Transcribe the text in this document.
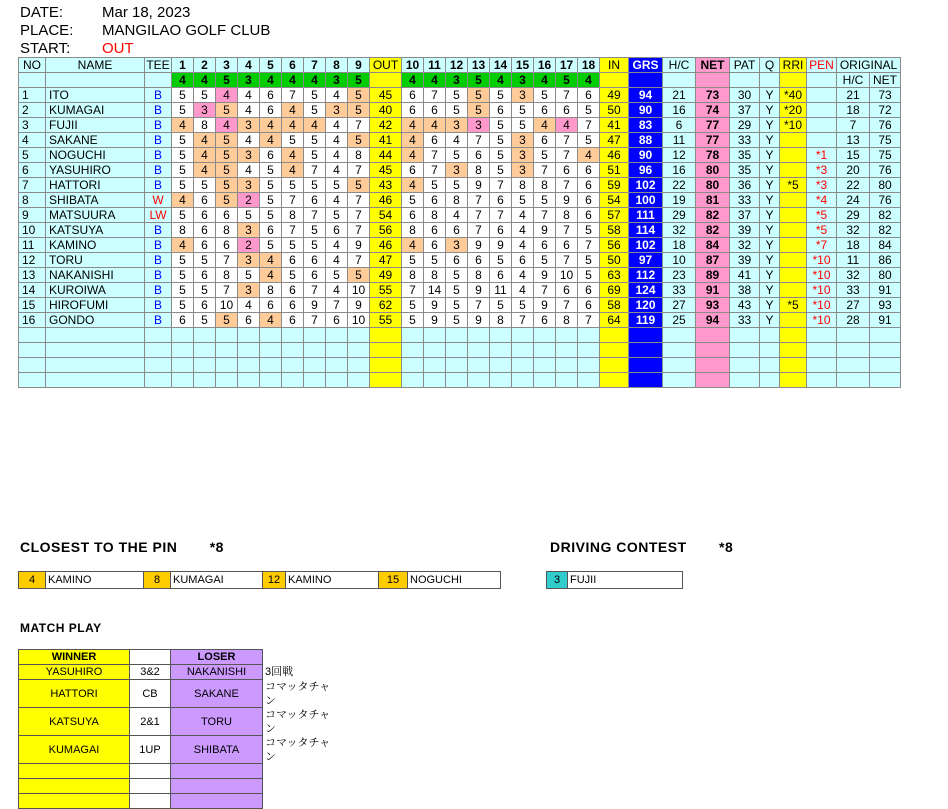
DATE:	Mar 18, 2023
PLACE: MANGILAO GOLF CLUB
START: OUT
NO	NAME	TEE	1	2	3	4	5	6	7	8	9	OUT	10	11	12	13	14	15	16	17	18	IN	GRS	H/C	NET	PAT	Q	RRI	PEN	ORIGINAL	
			4	4	5	3	4	4	4	3	5		4	4	3	5	4	3	4	5	4									H/C	NET
1	ITO	B	5	5	4	4	6	7	5	4	5	45	6	7	5	5	5	3	5	7	6	49	94	21	73	30	Y	*40		21	73
2	KUMAGAI	B	5	3	5	4	6	4	5	3	5	40	6	6	5	5	6	5	6	6	5	50	90	16	74	37	Y	*20		18	72
3	FUJII	B	4	8	4	3	4	4	4	4	7	42	4	4	3	3	5	5	4	4	7	41	83	6	77	29	Y	*10		7	76
4	SAKANE	B	5	4	5	4	4	5	5	4	5	41	4	6	4	7	5	3	6	7	5	47	88	11	77	33	Y			13	75
5	NOGUCHI	B	5	4	5	3	6	4	5	4	8	44	4	7	5	6	5	3	5	7	4	46	90	12	78	35	Y		*1	15	75
6	YASUHIRO	B	5	4	5	4	5	4	7	4	7	45	6	7	3	8	5	3	7	6	6	51	96	16	80	35	Y		*3	20	76
7	HATTORI	B	5	5	5	3	5	5	5	5	5	43	4	5	5	9	7	8	8	7	6	59	102	22	80	36	Y	*5	*3	22	80
8	SHIBATA	W	4	6	5	2	5	7	6	4	7	46	5	6	8	7	6	5	5	9	6	54	100	19	81	33	Y		*4	24	76
9	MATSUURA	LW	5	6	6	5	5	8	7	5	7	54	6	8	4	7	7	4	7	8	6	57	111	29	82	37	Y		*5	29	82
10	KATSUYA	B	8	6	8	3	6	7	5	6	7	56	8	6	6	7	6	4	9	7	5	58	114	32	82	39	Y		*5	32	82
11	KAMINO	B	4	6	6	2	5	5	5	4	9	46	4	6	3	9	9	4	6	6	7	56	102	18	84	32	Y		*7	18	84
12	TORU	B	5	5	7	3	4	6	6	4	7	47	5	5	6	6	5	6	5	7	5	50	97	10	87	39	Y		*10	11	86
13	NAKANISHI	B	5	6	8	5	4	5	6	5	5	49	8	8	5	8	6	4	9	10	5	63	112	23	89	41	Y		*10	32	80
14	KUROIWA	B	5	5	7	3	8	6	7	4	10	55	7	14	5	9	11	4	7	6	6	69	124	33	91	38	Y		*10	33	91
15	HIROFUMI	B	5	6	10	4	6	6	9	7	9	62	5	9	5	7	5	5	9	7	6	58	120	27	93	43	Y	*5	*10	27	93
16	GONDO	B	6	5	5	6	4	6	7	6	10	55	5	9	5	9	8	7	6	8	7	64	119	25	94	33	Y		*10	28	91

CLOSEST TO THE PIN *8	DRIVING CONTEST *8
4	KAMINO	8	KUMAGAI	12 KAMINO	15 NOGUCHI	3 FUJII
MATCH PLAY
WINNER		LOSER	
YASUHIRO	3&2	NAKANISHI	3回戦
HATTORI	CB	SAKANE	コマッタチャン
KATSUYA	2&1	TORU	コマッタチャン
KUMAGAI	1UP	SHIBATA	コマッタチャン
